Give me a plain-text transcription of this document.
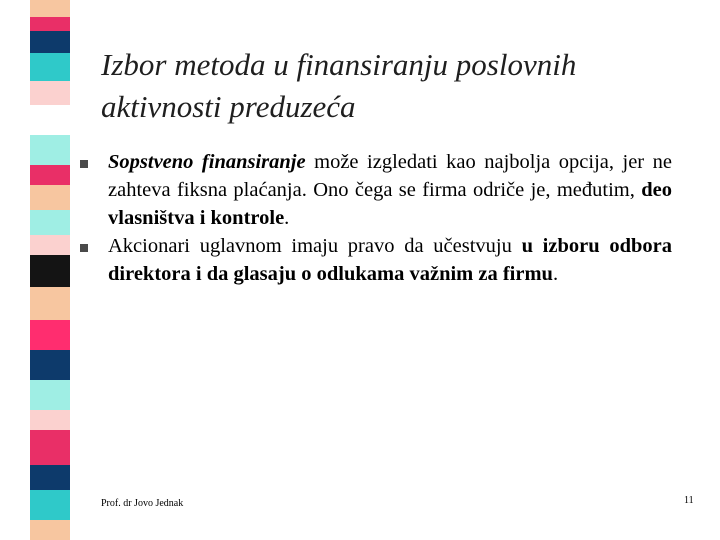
Izbor metoda u finansiranju poslovnih
aktivnosti preduzeća
Sopstveno finansiranje može izgledati kao najbolja opcija, jer ne zahteva fiksna plaćanja. Ono čega se firma odriče je, međutim, deo vlasništva i kontrole.
Akcionari uglavnom imaju pravo da učestvuju u izboru odbora direktora i da glasaju o odlukama važnim za firmu.
Prof. dr Jovo Jednak	11
